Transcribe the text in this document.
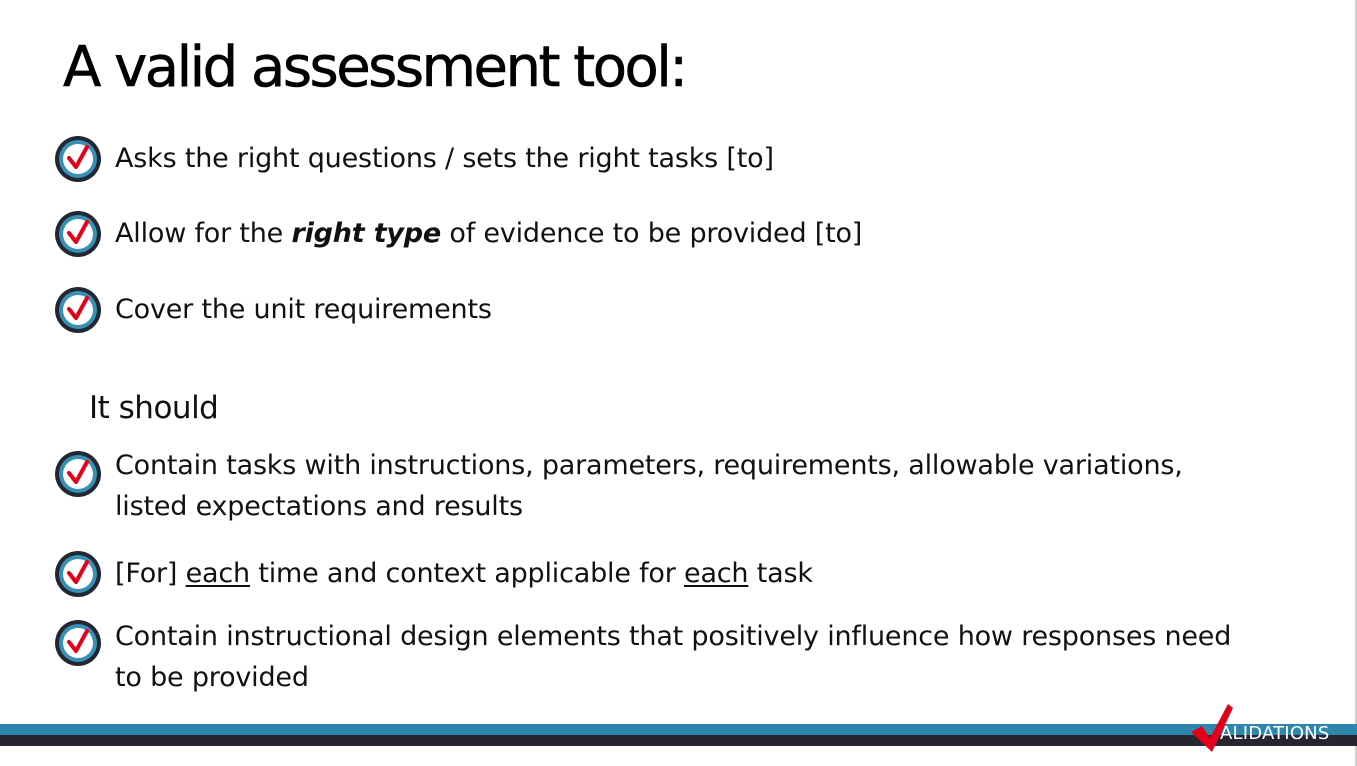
A valid assessment tool:
Asks the right questions / sets the right tasks [to]
Allow for the right type of evidence to be provided [to]
Cover the unit requirements
It should
Contain tasks with instructions, parameters, requirements, allowable variations, listed expectations and results
[For] each time and context applicable for each task
Contain instructional design elements that positively influence how responses need to be provided
ALIDATIONS
